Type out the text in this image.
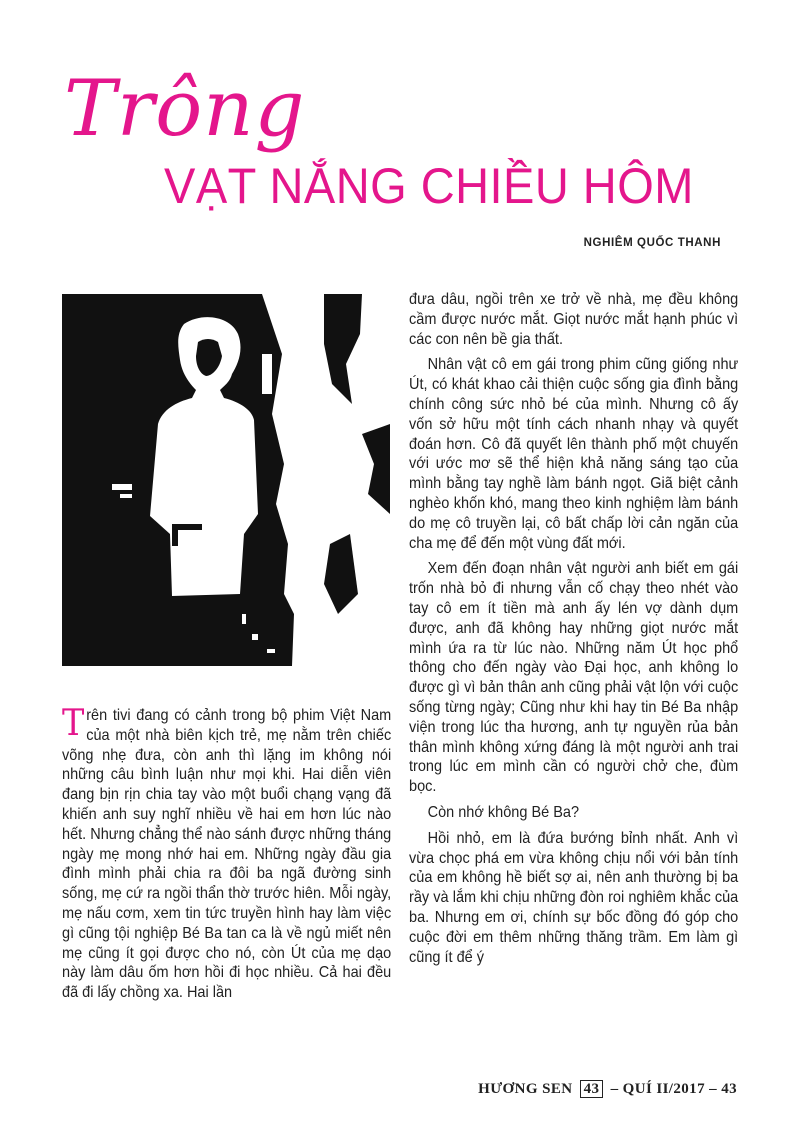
Trông
VẠT NẮNG CHIỀU HÔM
NGHIÊM QUỐC THANH

Trên tivi đang có cảnh trong bộ phim Việt Nam của một nhà biên kịch trẻ, mẹ nằm trên chiếc võng nhẹ đưa, còn anh thì lặng im không nói những câu bình luận như mọi khi. Hai diễn viên đang bịn rịn chia tay vào một buổi chạng vạng đã khiến anh suy nghĩ nhiều về hai em hơn lúc nào hết. Nhưng chẳng thể nào sánh được những tháng ngày mẹ mong nhớ hai em. Những ngày đầu gia đình mình phải chia ra đôi ba ngã đường sinh sống, mẹ cứ ra ngồi thẩn thờ trước hiên. Mỗi ngày, mẹ nấu cơm, xem tin tức truyền hình hay làm việc gì cũng tội nghiệp Bé Ba tan ca là về ngủ miết nên mẹ cũng ít gọi được cho nó, còn Út của mẹ dạo này làm dâu ốm hơn hồi đi học nhiều. Cả hai đều đã đi lấy chồng xa. Hai lần

đưa dâu, ngồi trên xe trở về nhà, mẹ đều không cầm được nước mắt. Giọt nước mắt hạnh phúc vì các con nên bề gia thất.

Nhân vật cô em gái trong phim cũng giống như Út, có khát khao cải thiện cuộc sống gia đình bằng chính công sức nhỏ bé của mình. Nhưng cô ấy vốn sở hữu một tính cách nhanh nhạy và quyết đoán hơn. Cô đã quyết lên thành phố một chuyến với ước mơ sẽ thể hiện khả năng sáng tạo của mình bằng tay nghề làm bánh ngọt. Giã biệt cảnh nghèo khốn khó, mang theo kinh nghiệm làm bánh do mẹ cô truyền lại, cô bất chấp lời cản ngăn của cha mẹ để đến một vùng đất mới.

Xem đến đoạn nhân vật người anh biết em gái trốn nhà bỏ đi nhưng vẫn cố chạy theo nhét vào tay cô em ít tiền mà anh ấy lén vợ dành dụm được, anh đã không hay những giọt nước mắt mình ứa ra từ lúc nào. Những năm Út học phổ thông cho đến ngày vào Đại học, anh không lo được gì vì bản thân anh cũng phải vật lộn với cuộc sống từng ngày; Cũng như khi hay tin Bé Ba nhập viện trong lúc tha hương, anh tự nguyền rủa bản thân mình không xứng đáng là một người anh trai trong lúc em mình cần có người chở che, đùm bọc.

Còn nhớ không Bé Ba?

Hồi nhỏ, em là đứa bướng bỉnh nhất. Anh vì vừa chọc phá em vừa không chịu nổi với bản tính của em không hề biết sợ ai, nên anh thường bị ba rầy và lắm khi chịu những đòn roi nghiêm khắc của ba. Nhưng em ơi, chính sự bốc đồng đó góp cho cuộc đời em thêm những thăng trầm. Em làm gì cũng ít để ý

HƯƠNG SEN 43 – QUÍ II/2017 – 43
